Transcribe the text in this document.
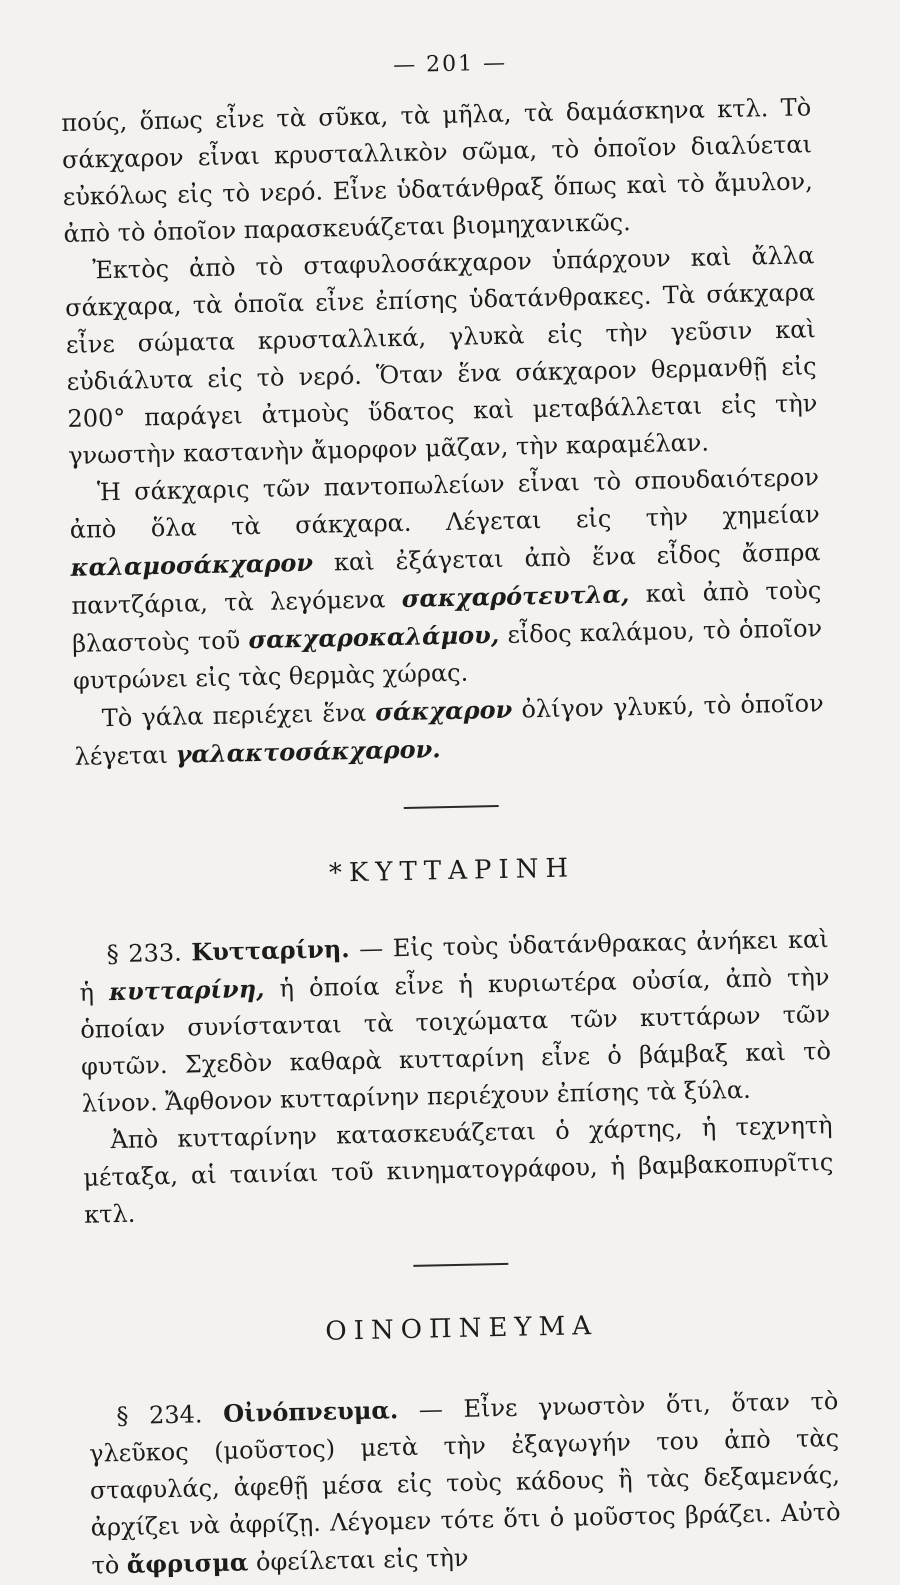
— 201 —

πούς, ὅπως εἶνε τὰ σῦκα, τὰ μῆλα, τὰ δαμάσκηνα κτλ. Τὸ σάκχαρον εἶναι κρυσταλλικὸν σῶμα, τὸ ὁποῖον διαλύεται εὐκόλως εἰς τὸ νερό. Εἶνε ὑδατάνθραξ ὅπως καὶ τὸ ἄμυλον, ἀπὸ τὸ ὁποῖον παρασκευάζεται βιομηχανικῶς.

Ἐκτὸς ἀπὸ τὸ σταφυλοσάκχαρον ὑπάρχουν καὶ ἄλλα σάκχαρα, τὰ ὁποῖα εἶνε ἐπίσης ὑδατάνθρακες. Τὰ σάκχαρα εἶνε σώματα κρυσταλλικά, γλυκὰ εἰς τὴν γεῦσιν καὶ εὐδιάλυτα εἰς τὸ νερό. Ὅταν ἕνα σάκχαρον θερμανθῇ εἰς 200° παράγει ἀτμοὺς ὕδατος καὶ μεταβάλλεται εἰς τὴν γνωστὴν καστανὴν ἄμορφον μᾶζαν, τὴν καραμέλαν.

Ἡ σάκχαρις τῶν παντοπωλείων εἶναι τὸ σπουδαιότερον ἀπὸ ὅλα τὰ σάκχαρα. Λέγεται εἰς τὴν χημείαν καλαμοσάκχαρον καὶ ἐξάγεται ἀπὸ ἕνα εἶδος ἄσπρα παντζάρια, τὰ λεγόμενα σακχαρότευτλα, καὶ ἀπὸ τοὺς βλαστοὺς τοῦ σακχαροκαλάμου, εἶδος καλάμου, τὸ ὁποῖον φυτρώνει εἰς τὰς θερμὰς χώρας.

Τὸ γάλα περιέχει ἕνα σάκχαρον ὀλίγον γλυκύ, τὸ ὁποῖον λέγεται γαλακτοσάκχαρον.

*ΚΥΤΤΑΡΙΝΗ

§ 233. Κυτταρίνη. — Εἰς τοὺς ὑδατάνθρακας ἀνήκει καὶ ἡ κυτταρίνη, ἡ ὁποία εἶνε ἡ κυριωτέρα οὐσία, ἀπὸ τὴν ὁποίαν συνίστανται τὰ τοιχώματα τῶν κυττάρων τῶν φυτῶν. Σχεδὸν καθαρὰ κυτταρίνη εἶνε ὁ βάμβαξ καὶ τὸ λίνον. Ἄφθονον κυτταρίνην περιέχουν ἐπίσης τὰ ξύλα.

Ἀπὸ κυτταρίνην κατασκευάζεται ὁ χάρτης, ἡ τεχνητὴ μέταξα, αἱ ταινίαι τοῦ κινηματογράφου, ἡ βαμβακοπυρῖτις κτλ.

ΟΙΝΟΠΝΕΥΜΑ

§ 234. Οἰνόπνευμα. — Εἶνε γνωστὸν ὅτι, ὅταν τὸ γλεῦκος (μοῦστος) μετὰ τὴν ἐξαγωγήν του ἀπὸ τὰς σταφυλάς, ἀφεθῇ μέσα εἰς τοὺς κάδους ἢ τὰς δεξαμενάς, ἀρχίζει νὰ ἀφρίζῃ. Λέγομεν τότε ὅτι ὁ μοῦστος βράζει. Αὐτὸ τὸ ἄφρισμα ὀφείλεται εἰς τὴν
